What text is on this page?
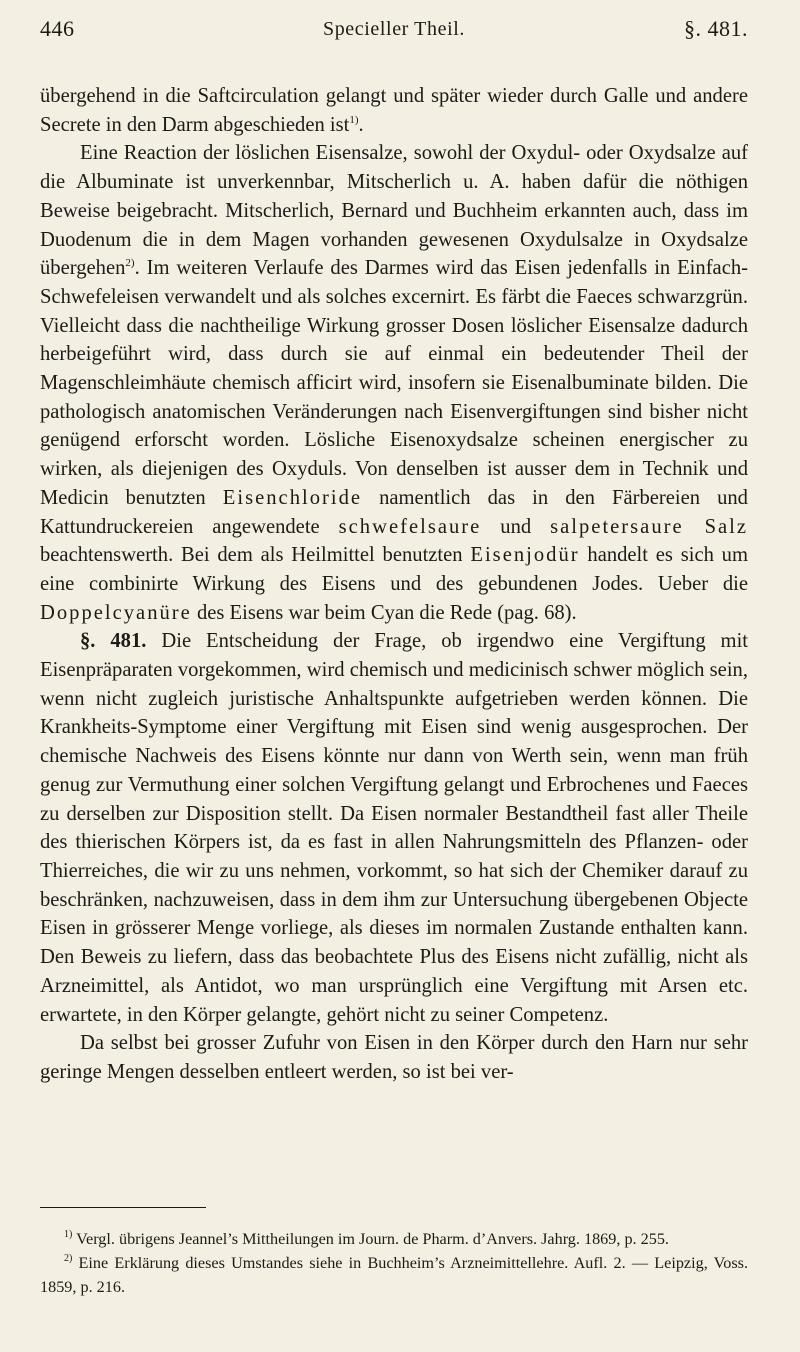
446	Specieller Theil.	§. 481.

übergehend in die Saftcirculation gelangt und später wieder durch Galle und andere Secrete in den Darm abgeschieden ist$^{1)}$.

Eine Reaction der löslichen Eisensalze, sowohl der Oxydul- oder Oxydsalze auf die Albuminate ist unverkennbar, Mitscherlich u. A. haben dafür die nöthigen Beweise beigebracht. Mitscherlich, Bernard und Buchheim erkannten auch, dass im Duodenum die in dem Magen vorhanden gewesenen Oxydulsalze in Oxydsalze übergehen$^{2)}$. Im weiteren Verlaufe des Darmes wird das Eisen jedenfalls in Einfach-Schwefeleisen verwandelt und als solches excernirt. Es färbt die Faeces schwarzgrün. Vielleicht dass die nachtheilige Wirkung grosser Dosen löslicher Eisensalze dadurch herbeigeführt wird, dass durch sie auf einmal ein bedeutender Theil der Magenschleimhäute chemisch afficirt wird, insofern sie Eisenalbuminate bilden. Die pathologisch anatomischen Veränderungen nach Eisenvergiftungen sind bisher nicht genügend erforscht worden. Lösliche Eisenoxydsalze scheinen energischer zu wirken, als diejenigen des Oxyduls. Von denselben ist ausser dem in Technik und Medicin benutzten Eisenchloride namentlich das in den Färbereien und Kattundruckereien angewendete schwefelsaure und salpetersaure Salz beachtenswerth. Bei dem als Heilmittel benutzten Eisenjodür handelt es sich um eine combinirte Wirkung des Eisens und des gebundenen Jodes. Ueber die Doppelcyanüre des Eisens war beim Cyan die Rede (pag. 68).

§. 481. Die Entscheidung der Frage, ob irgendwo eine Vergiftung mit Eisenpräparaten vorgekommen, wird chemisch und medicinisch schwer möglich sein, wenn nicht zugleich juristische Anhaltspunkte aufgetrieben werden können. Die Krankheits-Symptome einer Vergiftung mit Eisen sind wenig ausgesprochen. Der chemische Nachweis des Eisens könnte nur dann von Werth sein, wenn man früh genug zur Vermuthung einer solchen Vergiftung gelangt und Erbrochenes und Faeces zu derselben zur Disposition stellt. Da Eisen normaler Bestandtheil fast aller Theile des thierischen Körpers ist, da es fast in allen Nahrungsmitteln des Pflanzen- oder Thierreiches, die wir zu uns nehmen, vorkommt, so hat sich der Chemiker darauf zu beschränken, nachzuweisen, dass in dem ihm zur Untersuchung übergebenen Objecte Eisen in grösserer Menge vorliege, als dieses im normalen Zustande enthalten kann. Den Beweis zu liefern, dass das beobachtete Plus des Eisens nicht zufällig, nicht als Arzneimittel, als Antidot, wo man ursprünglich eine Vergiftung mit Arsen etc. erwartete, in den Körper gelangte, gehört nicht zu seiner Competenz.

Da selbst bei grosser Zufuhr von Eisen in den Körper durch den Harn nur sehr geringe Mengen desselben entleert werden, so ist bei ver-

$^{1)}$ Vergl. übrigens Jeannel’s Mittheilungen im Journ. de Pharm. d’Anvers. Jahrg. 1869, p. 255.

$^{2)}$ Eine Erklärung dieses Umstandes siehe in Buchheim’s Arzneimittellehre. Aufl. 2. — Leipzig, Voss. 1859, p. 216.
